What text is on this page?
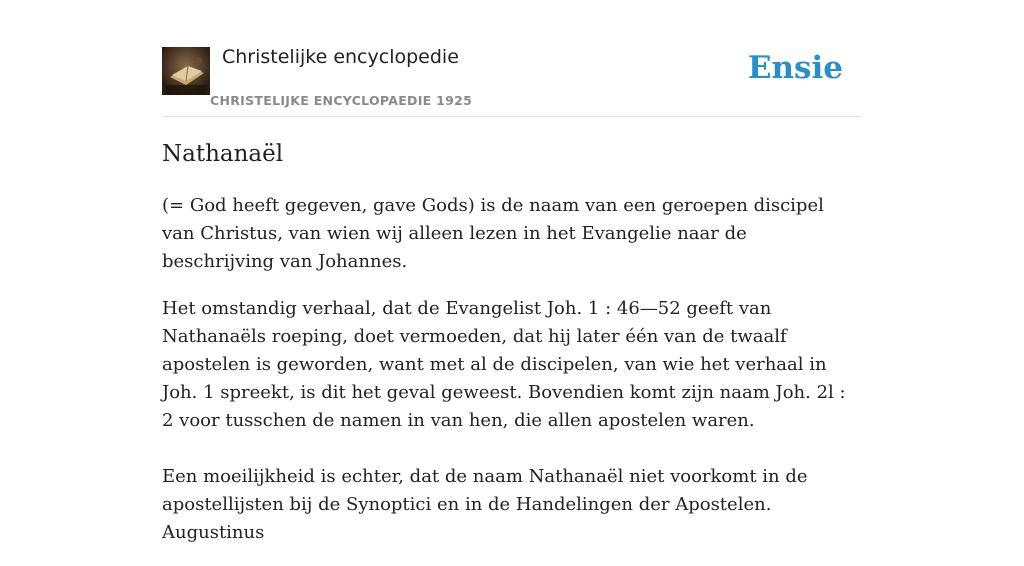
Christelijke encyclopedie
CHRISTELIJKE ENCYCLOPAEDIE 1925
Ensie
Nathanaël

(= God heeft gegeven, gave Gods) is de naam van een geroepen discipel van Christus, van wien wij alleen lezen in het Evangelie naar de beschrijving van Johannes.

Het omstandig verhaal, dat de Evangelist Joh. 1 : 46—52 geeft van Nathanaëls roeping, doet vermoeden, dat hij later één van de twaalf apostelen is geworden, want met al de discipelen, van wie het verhaal in Joh. 1 spreekt, is dit het geval geweest. Bovendien komt zijn naam Joh. 2l : 2 voor tusschen de namen in van hen, die allen apostelen waren.

Een moeilijkheid is echter, dat de naam Nathanaël niet voorkomt in de apostellijsten bij de Synoptici en in de Handelingen der Apostelen. Augustinus
